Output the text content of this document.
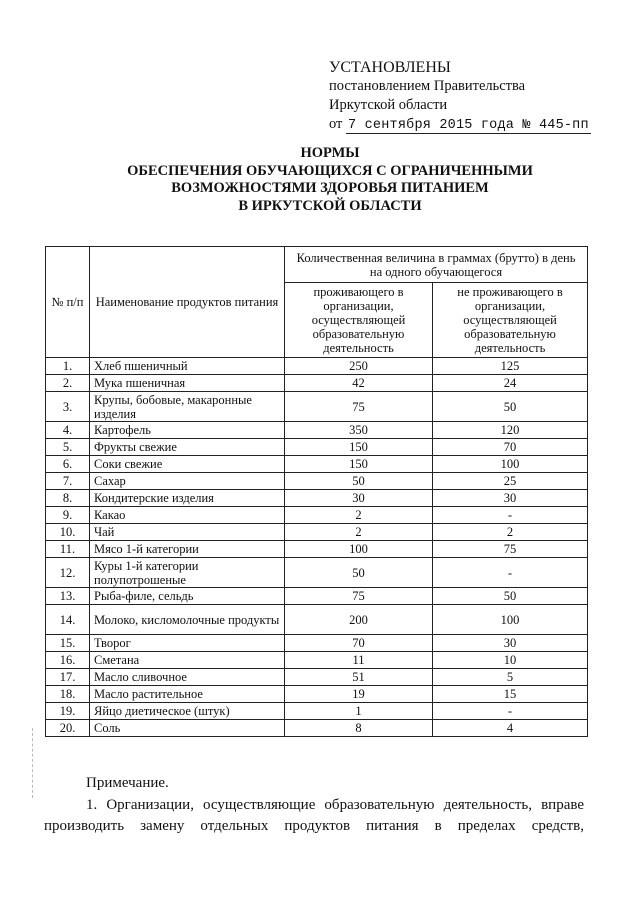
УСТАНОВЛЕНЫ
постановлением Правительства
Иркутской области
от 7 сентября 2015 года № 445-пп
НОРМЫ
ОБЕСПЕЧЕНИЯ ОБУЧАЮЩИХСЯ С ОГРАНИЧЕННЫМИ
ВОЗМОЖНОСТЯМИ ЗДОРОВЬЯ ПИТАНИЕМ
В ИРКУТСКОЙ ОБЛАСТИ
№ п/п	Наименование продуктов питания	Количественная величина в граммах (брутто) в день на одного обучающегося	
		проживающего в организации, осуществляющей образовательную деятельность	не проживающего в организации, осуществляющей образовательную деятельность
1.	Хлеб пшеничный	250	125
2.	Мука пшеничная	42	24
3.	Крупы, бобовые, макаронные изделия	75	50
4.	Картофель	350	120
5.	Фрукты свежие	150	70
6.	Соки свежие	150	100
7.	Сахар	50	25
8.	Кондитерские изделия	30	30
9.	Какао	2	-
10.	Чай	2	2
11.	Мясо 1-й категории	100	75
12.	Куры 1-й категории полупотрошеные	50	-
13.	Рыба-филе, сельдь	75	50
14.	Молоко, кисломолочные продукты	200	100
15.	Творог	70	30
16.	Сметана	11	10
17.	Масло сливочное	51	5
18.	Масло растительное	19	15
19.	Яйцо диетическое (штук)	1	-
20.	Соль	8	4
Примечание.
1. Организации, осуществляющие образовательную деятельность, вправе производить замену отдельных продуктов питания в пределах средств,
